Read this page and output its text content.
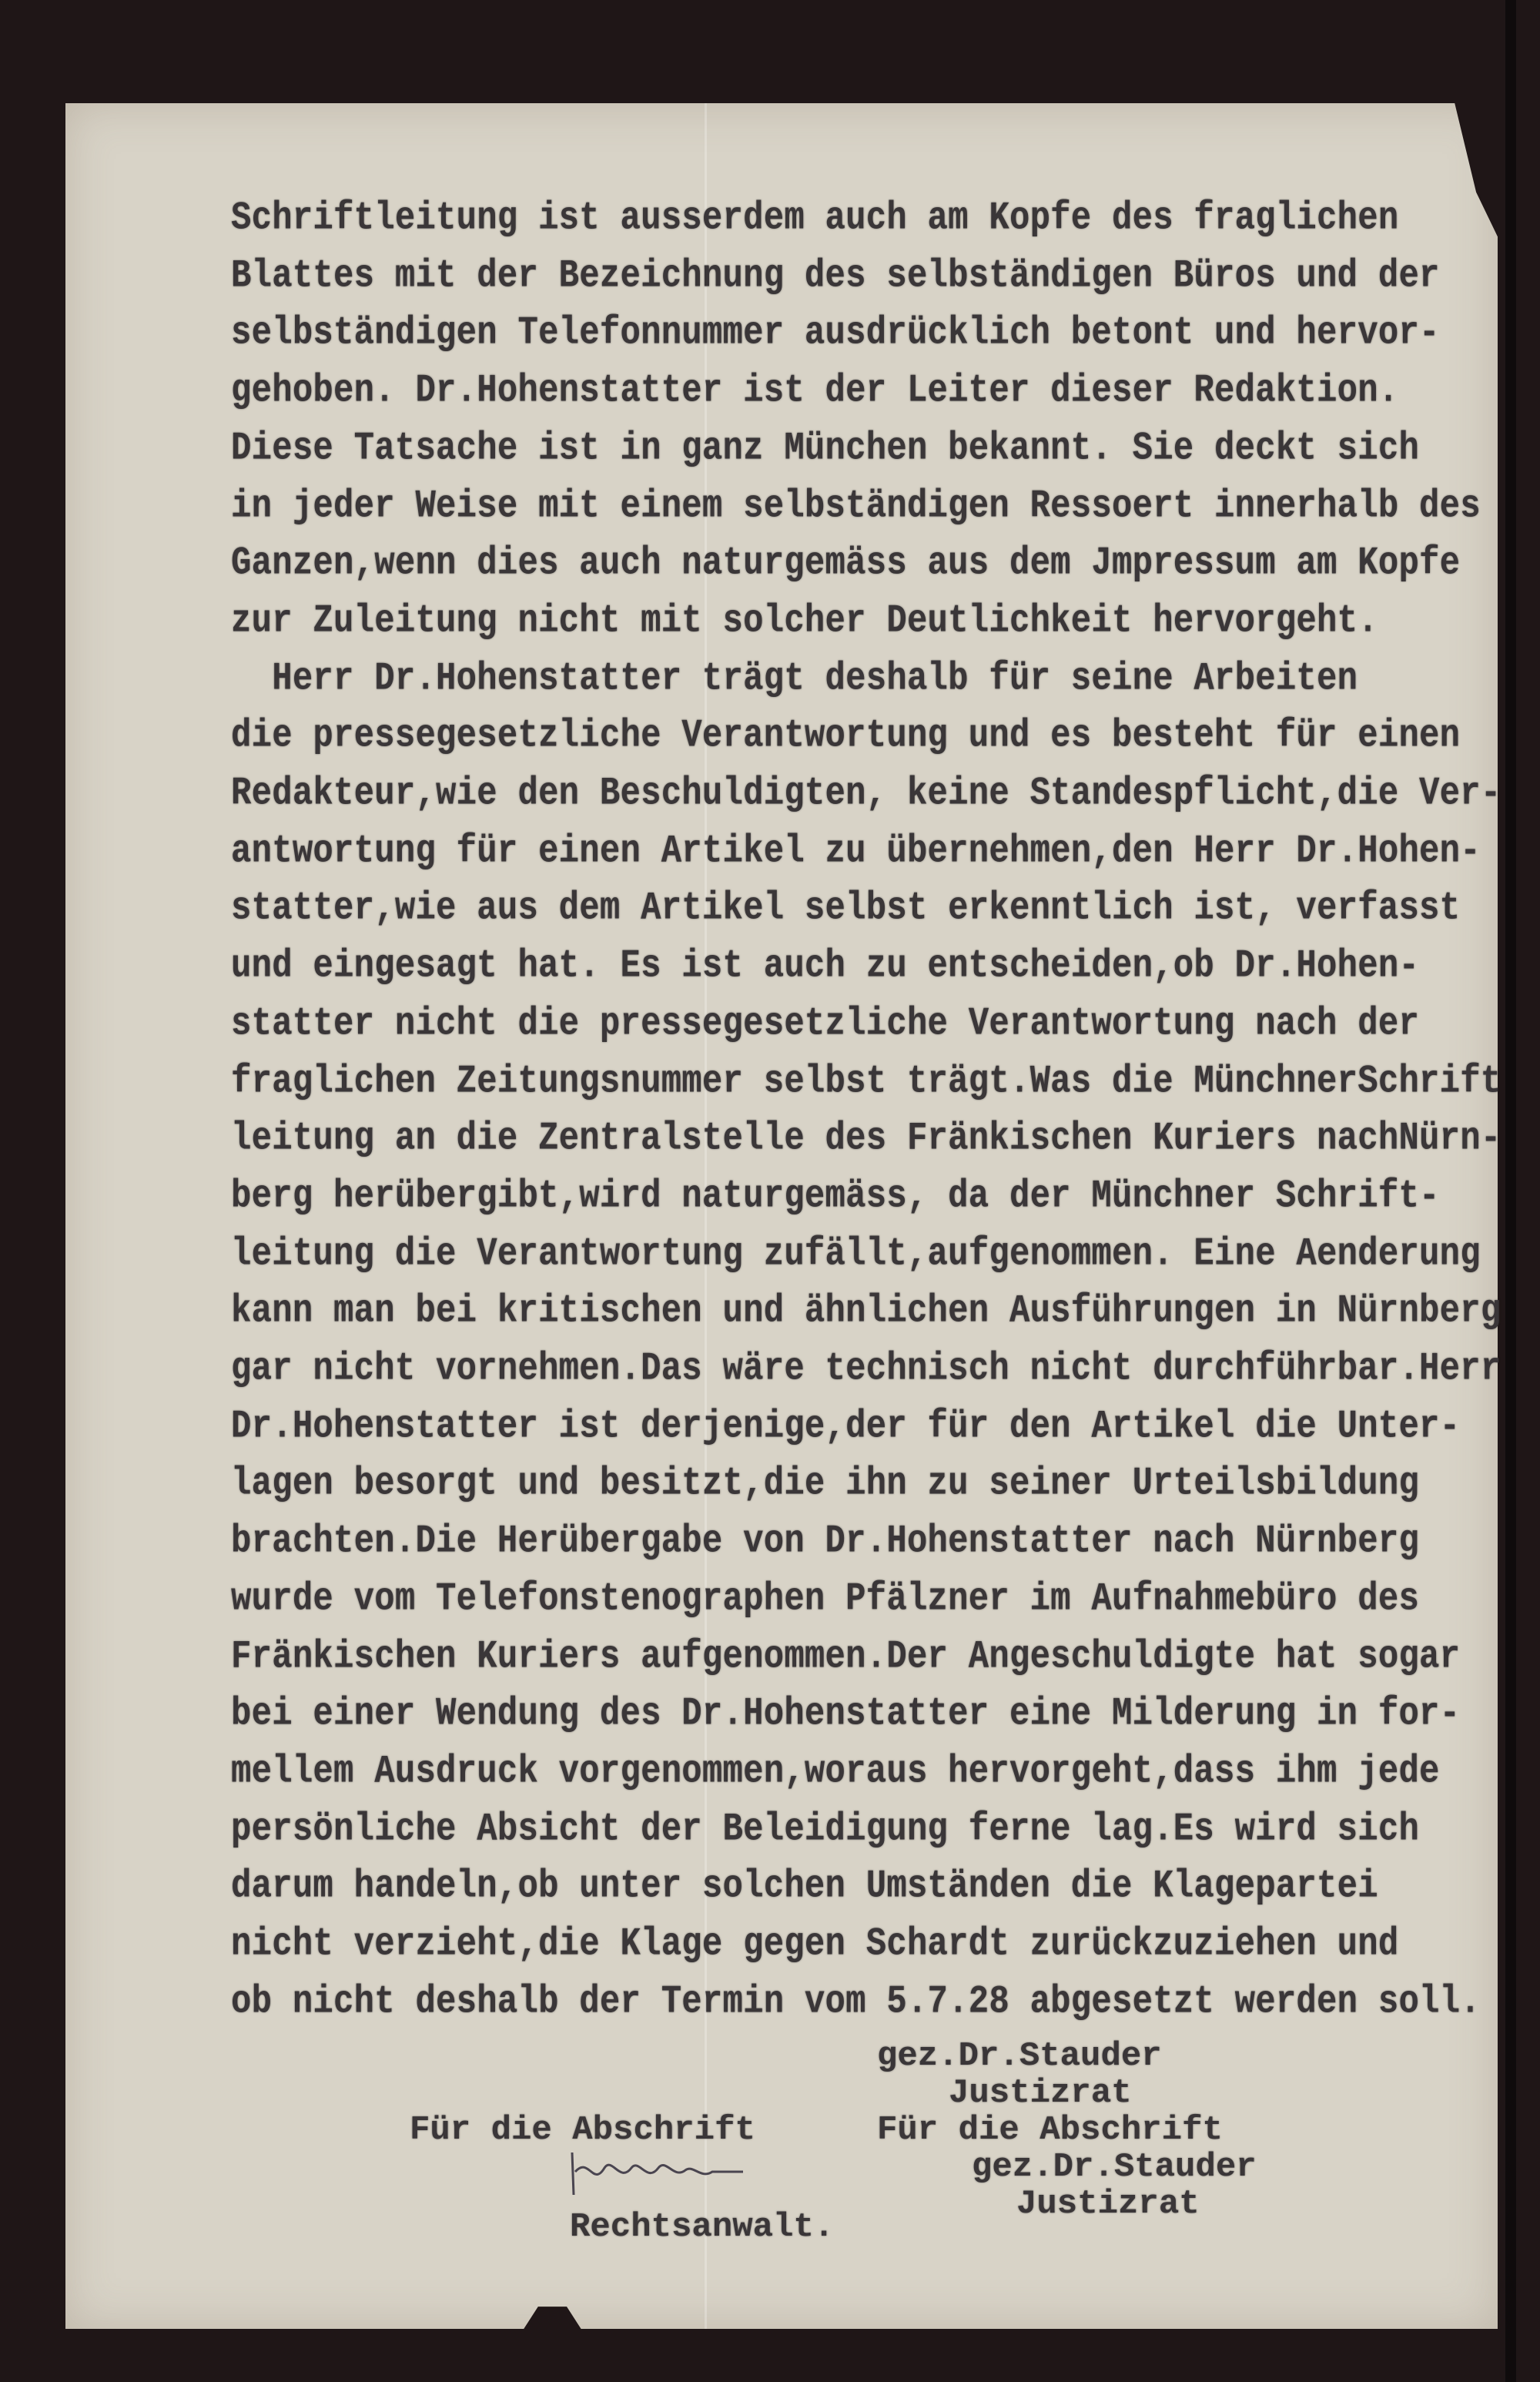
Schriftleitung ist ausserdem auch am Kopfe des fraglichen
Blattes mit der Bezeichnung des selbständigen Büros und der
selbständigen Telefonnummer ausdrücklich betont und hervor-
gehoben. Dr.Hohenstatter ist der Leiter dieser Redaktion.
Diese Tatsache ist in ganz München bekannt. Sie deckt sich
in jeder Weise mit einem selbständigen Ressoert innerhalb des
Ganzen,wenn dies auch naturgemäss aus dem Jmpressum am Kopfe
zur Zuleitung nicht mit solcher Deutlichkeit hervorgeht.
Herr Dr.Hohenstatter trägt deshalb für seine Arbeiten
die pressegesetzliche Verantwortung und es besteht für einen
Redakteur,wie den Beschuldigten, keine Standespflicht,die Ver-
antwortung für einen Artikel zu übernehmen,den Herr Dr.Hohen-
statter,wie aus dem Artikel selbst erkenntlich ist, verfasst
und eingesagt hat. Es ist auch zu entscheiden,ob Dr.Hohen-
statter nicht die pressegesetzliche Verantwortung nach der
fraglichen Zeitungsnummer selbst trägt.Was die MünchnerSchrift
leitung an die Zentralstelle des Fränkischen Kuriers nachNürn-
berg herübergibt,wird naturgemäss, da der Münchner Schrift-
leitung die Verantwortung zufällt,aufgenommen. Eine Aenderung
kann man bei kritischen und ähnlichen Ausführungen in Nürnberg
gar nicht vornehmen.Das wäre technisch nicht durchführbar.Herr
Dr.Hohenstatter ist derjenige,der für den Artikel die Unter-
lagen besorgt und besitzt,die ihn zu seiner Urteilsbildung
brachten.Die Herübergabe von Dr.Hohenstatter nach Nürnberg
wurde vom Telefonstenographen Pfälzner im Aufnahmebüro des
Fränkischen Kuriers aufgenommen.Der Angeschuldigte hat sogar
bei einer Wendung des Dr.Hohenstatter eine Milderung in for-
mellem Ausdruck vorgenommen,woraus hervorgeht,dass ihm jede
persönliche Absicht der Beleidigung ferne lag.Es wird sich
darum handeln,ob unter solchen Umständen die Klagepartei
nicht verzieht,die Klage gegen Schardt zurückzuziehen und
ob nicht deshalb der Termin vom 5.7.28 abgesetzt werden soll.
gez.Dr.Stauder
Justizrat
Für die Abschrift
gez.Dr.Stauder
Justizrat
Für die Abschrift
Rechtsanwalt.
